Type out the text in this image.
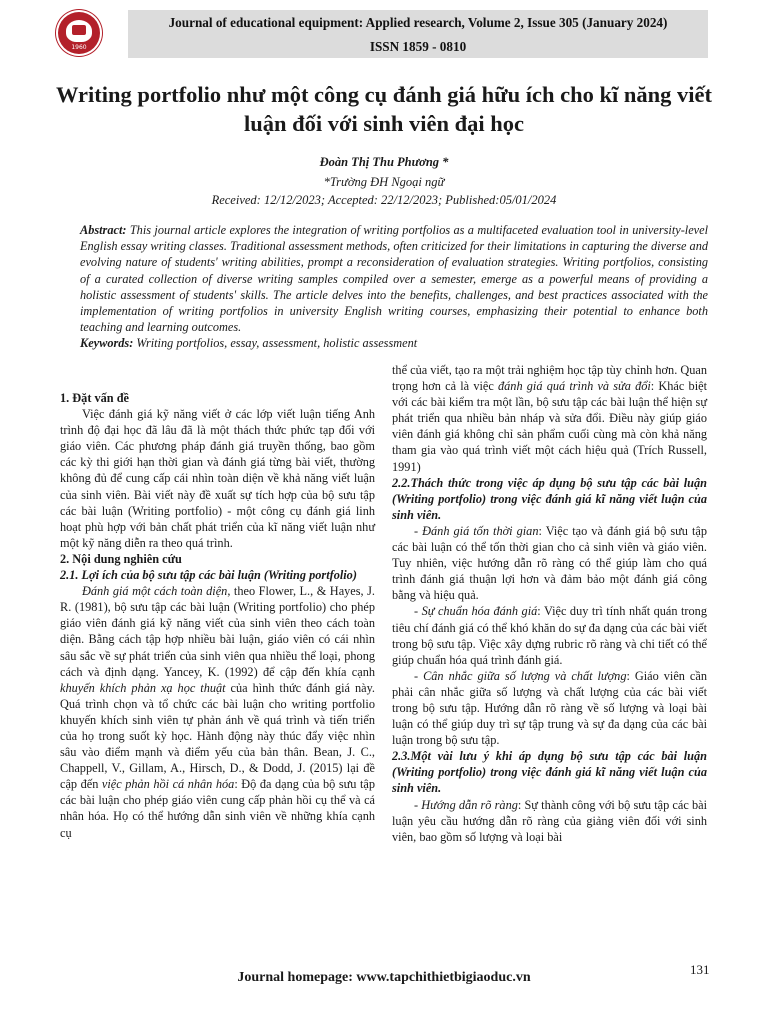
Journal of educational equipment: Applied research, Volume 2, Issue 305 (January 2024)
ISSN 1859 - 0810
1960
Writing portfolio như một công cụ đánh giá hữu ích cho kĩ năng viết luận đối với sinh viên đại học
Đoàn Thị Thu Phương *
*Trường ĐH Ngoại ngữ
Received: 12/12/2023; Accepted: 22/12/2023; Published:05/01/2024

Abstract: This journal article explores the integration of writing portfolios as a multifaceted evaluation tool in university-level English essay writing classes. Traditional assessment methods, often criticized for their limitations in capturing the diverse and evolving nature of students' writing abilities, prompt a reconsideration of evaluation strategies. Writing portfolios, consisting of a curated collection of diverse writing samples compiled over a semester, emerge as a powerful means of providing a holistic assessment of students' skills. The article delves into the benefits, challenges, and best practices associated with the implementation of writing portfolios in university English writing courses, emphasizing their potential to enhance both teaching and learning outcomes.

Keywords: Writing portfolios, essay, assessment, holistic assessment

1. Đặt vấn đề

Việc đánh giá kỹ năng viết ở các lớp viết luận tiếng Anh trình độ đại học đã lâu đã là một thách thức phức tạp đối với giáo viên. Các phương pháp đánh giá truyền thống, bao gồm các kỳ thi giới hạn thời gian và đánh giá từng bài viết, thường không đủ để cung cấp cái nhìn toàn diện về khả năng viết luận của sinh viên. Bài viết này đề xuất sự tích hợp của bộ sưu tập các bài luận (Writing portfolio) - một công cụ đánh giá linh hoạt phù hợp với bản chất phát triển của kĩ năng viết luận như một kỹ năng diễn ra theo quá trình.

2. Nội dung nghiên cứu

2.1. Lợi ích của bộ sưu tập các bài luận (Writing portfolio)

Đánh giá một cách toàn diện, theo Flower, L., & Hayes, J. R. (1981), bộ sưu tập các bài luận (Writing portfolio) cho phép giáo viên đánh giá kỹ năng viết của sinh viên theo cách toàn diện. Bằng cách tập hợp nhiều bài luận, giáo viên có cái nhìn sâu sắc về sự phát triển của sinh viên qua nhiều thể loại, phong cách và định dạng. Yancey, K. (1992) để cập đến khía cạnh khuyến khích phản xạ học thuật của hình thức đánh giá này. Quá trình chọn và tổ chức các bài luận cho writing portfolio khuyến khích sinh viên tự phản ánh về quá trình và tiến triển của họ trong suốt kỳ học. Hành động này thúc đẩy việc nhìn sâu vào điểm mạnh và điểm yếu của bản thân. Bean, J. C., Chappell, V., Gillam, A., Hirsch, D., & Dodd, J. (2015) lại đề cập đến việc phản hồi cá nhân hóa: Độ đa dạng của bộ sưu tập các bài luận cho phép giáo viên cung cấp phản hồi cụ thể và cá nhân hóa. Họ có thể hướng dẫn sinh viên về những khía cạnh cụ

thể của viết, tạo ra một trải nghiệm học tập tùy chỉnh hơn. Quan trọng hơn cả là việc đánh giá quá trình và sửa đổi: Khác biệt với các bài kiểm tra một lần, bộ sưu tập các bài luận thể hiện sự phát triển qua nhiều bản nháp và sửa đổi. Điều này giúp giáo viên đánh giá không chỉ sản phẩm cuối cùng mà còn khả năng tham gia vào quá trình viết một cách hiệu quả (Trích Russell, 1991)

2.2.Thách thức trong việc áp dụng bộ sưu tập các bài luận (Writing portfolio) trong việc đánh giá kĩ năng viết luận của sinh viên.

- Đánh giá tốn thời gian: Việc tạo và đánh giá bộ sưu tập các bài luận có thể tốn thời gian cho cả sinh viên và giáo viên. Tuy nhiên, việc hướng dẫn rõ ràng có thể giúp làm cho quá trình đánh giá thuận lợi hơn và đảm bảo một đánh giá công bằng và hiệu quả.

- Sự chuẩn hóa đánh giá: Việc duy trì tính nhất quán trong tiêu chí đánh giá có thể khó khăn do sự đa dạng của các bài viết trong bộ sưu tập. Việc xây dựng rubric rõ ràng và chi tiết có thể giúp chuẩn hóa quá trình đánh giá.

- Cân nhắc giữa số lượng và chất lượng: Giáo viên cần phải cân nhắc giữa số lượng và chất lượng của các bài viết trong bộ sưu tập. Hướng dẫn rõ ràng về số lượng và loại bài luận có thể giúp duy trì sự tập trung và sự đa dạng của các bài luận trong bộ sưu tập.

2.3.Một vài lưu ý khi áp dụng bộ sưu tập các bài luận (Writing portfolio) trong việc đánh giá kĩ năng viết luận của sinh viên.

- Hướng dẫn rõ ràng: Sự thành công với bộ sưu tập các bài luận yêu cầu hướng dẫn rõ ràng của giảng viên đối với sinh viên, bao gồm số lượng và loại bài

Journal homepage: www.tapchithietbigiaoduc.vn
131
